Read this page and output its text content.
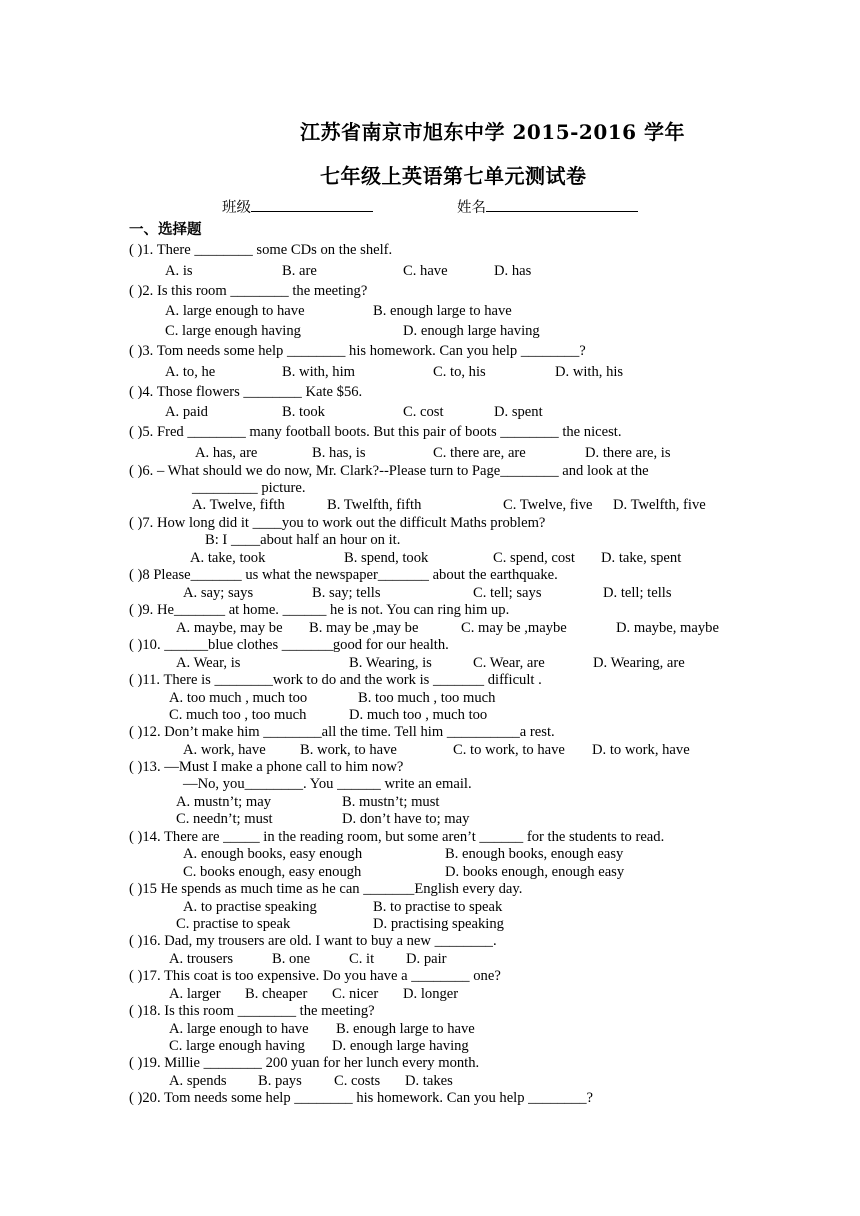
江苏省南京市旭东中学 2015-2016 学年
七年级上英语第七单元测试卷
班级	姓名
一、选择题
( )1. There ________ some CDs on the shelf.
A. is	B. are	C. have	D. has
( )2. Is this room ________ the meeting?
A. large enough to have	B. enough large to have
C. large enough having	D. enough large having
( )3. Tom needs some help ________ his homework. Can you help ________?
A. to, he	B. with, him	C. to, his	D. with, his
( )4. Those flowers ________ Kate $56.
A. paid	B. took	C. cost	D. spent
( )5. Fred ________ many football boots. But this pair of boots ________ the nicest.
A. has, are	B. has, is	C. there are, are	D. there are, is
( )6. – What should we do now, Mr. Clark?--Please turn to Page________ and look at the
_________ picture.
A. Twelve, fifth	B. Twelfth, fifth	C. Twelve, five D. Twelfth, five
( )7. How long did it ____you to work out the difficult Maths problem?
B: I ____about half an hour on it.
A. take, took	B. spend, took	C. spend, cost D. take, spent
( )8 Please_______ us what the newspaper_______ about the earthquake.
A. say; says	B. say; tells	C. tell; says	D. tell; tells
( )9. He_______ at home. ______ he is not. You can ring him up.
A. maybe, may be B. may be ,may be	C. may be ,maybe	D. maybe, maybe
( )10. ______blue clothes _______good for our health.
A. Wear, is	B. Wearing, is	C. Wear, are	D. Wearing, are
( )11. There is ________work to do and the work is _______ difficult .
A. too much , much too	B. too much , too much
C. much too , too much	D. much too , much too
( )12. Don’t make him ________all the time. Tell him __________a rest.
A. work, have B. work, to have	C. to work, to have D. to work, have
( )13. —Must I make a phone call to him now?
—No, you________. You ______ write an email.
A. mustn’t; may	B. mustn’t; must
C. needn’t; must	D. don’t have to; may
( )14. There are _____ in the reading room, but some aren’t ______ for the students to read.
A. enough books, easy enough	B. enough books, enough easy
C. books enough, easy enough	D. books enough, enough easy
( )15 He spends as much time as he can _______English every day.
A. to practise speaking	B. to practise to speak
C. practise to speak	D. practising speaking
( )16. Dad, my trousers are old. I want to buy a new ________.
A. trousers	B. one	C. it D. pair
( )17. This coat is too expensive. Do you have a ________ one?
A. larger B. cheaper C. nicer D. longer
( )18. Is this room ________ the meeting?
A. large enough to have B. enough large to have
C. large enough having D. enough large having
( )19. Millie ________ 200 yuan for her lunch every month.
A. spends B. pays C. costs D. takes
( )20. Tom needs some help ________ his homework. Can you help ________?
